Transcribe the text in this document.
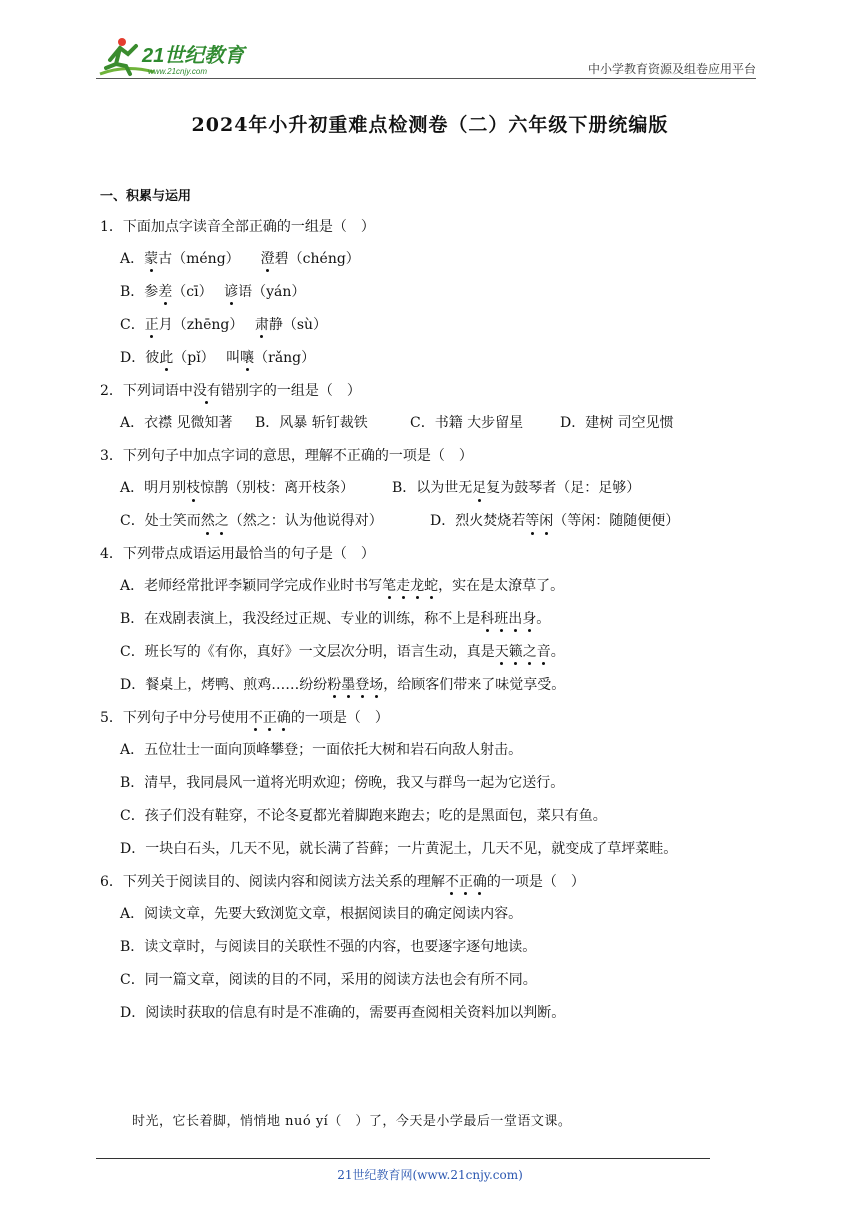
21世纪教育
www.21cnjy.com	中小学教育资源及组卷应用平台
2024年小升初重难点检测卷（二）六年级下册统编版
一、积累与运用
1．下面加点字读音全部正确的一组是（　）
A．蒙古（méng）　　澄碧（chéng）
B．参差（cī）　 谚语（yán）
C．正月（zhēng）　 肃静（sù）
D．彼此（pǐ）　 叫嚷（rǎng）
2．下列词语中没有错别字的一组是（　）
A．衣襟 见微知著	B．风暴 斩钉裁铁	C．书籍 大步留星	D．建树 司空见惯
3．下列句子中加点字词的意思，理解不正确的一项是（　）
A．明月别枝惊鹊（别枝：离开枝条）	B．以为世无足复为鼓琴者（足：足够）
C．处士笑而然之（然之：认为他说得对）	D．烈火焚烧若等闲（等闲：随随便便）
4．下列带点成语运用最恰当的句子是（　）
A．老师经常批评李颖同学完成作业时书写笔走龙蛇，实在是太潦草了。
B．在戏剧表演上，我没经过正规、专业的训练，称不上是科班出身。
C．班长写的《有你，真好》一文层次分明，语言生动，真是天籁之音。
D．餐桌上，烤鸭、煎鸡……纷纷粉墨登场，给顾客们带来了味觉享受。
5．下列句子中分号使用不正确的一项是（　）
A．五位壮士一面向顶峰攀登；一面依托大树和岩石向敌人射击。
B．清早，我同晨风一道将光明欢迎；傍晚，我又与群鸟一起为它送行。
C．孩子们没有鞋穿，不论冬夏都光着脚跑来跑去；吃的是黑面包，菜只有鱼。
D．一块白石头，几天不见，就长满了苔藓；一片黄泥土，几天不见，就变成了草坪菜畦。
6．下列关于阅读目的、阅读内容和阅读方法关系的理解不正确的一项是（　）
A．阅读文章，先要大致浏览文章，根据阅读目的确定阅读内容。
B．读文章时，与阅读目的关联性不强的内容，也要逐字逐句地读。
C．同一篇文章，阅读的目的不同，采用的阅读方法也会有所不同。
D．阅读时获取的信息有时是不准确的，需要再查阅相关资料加以判断。
时光，它长着脚，悄悄地 nuó yí（　）了，今天是小学最后一堂语文课。
21世纪教育网(www.21cnjy.com)
